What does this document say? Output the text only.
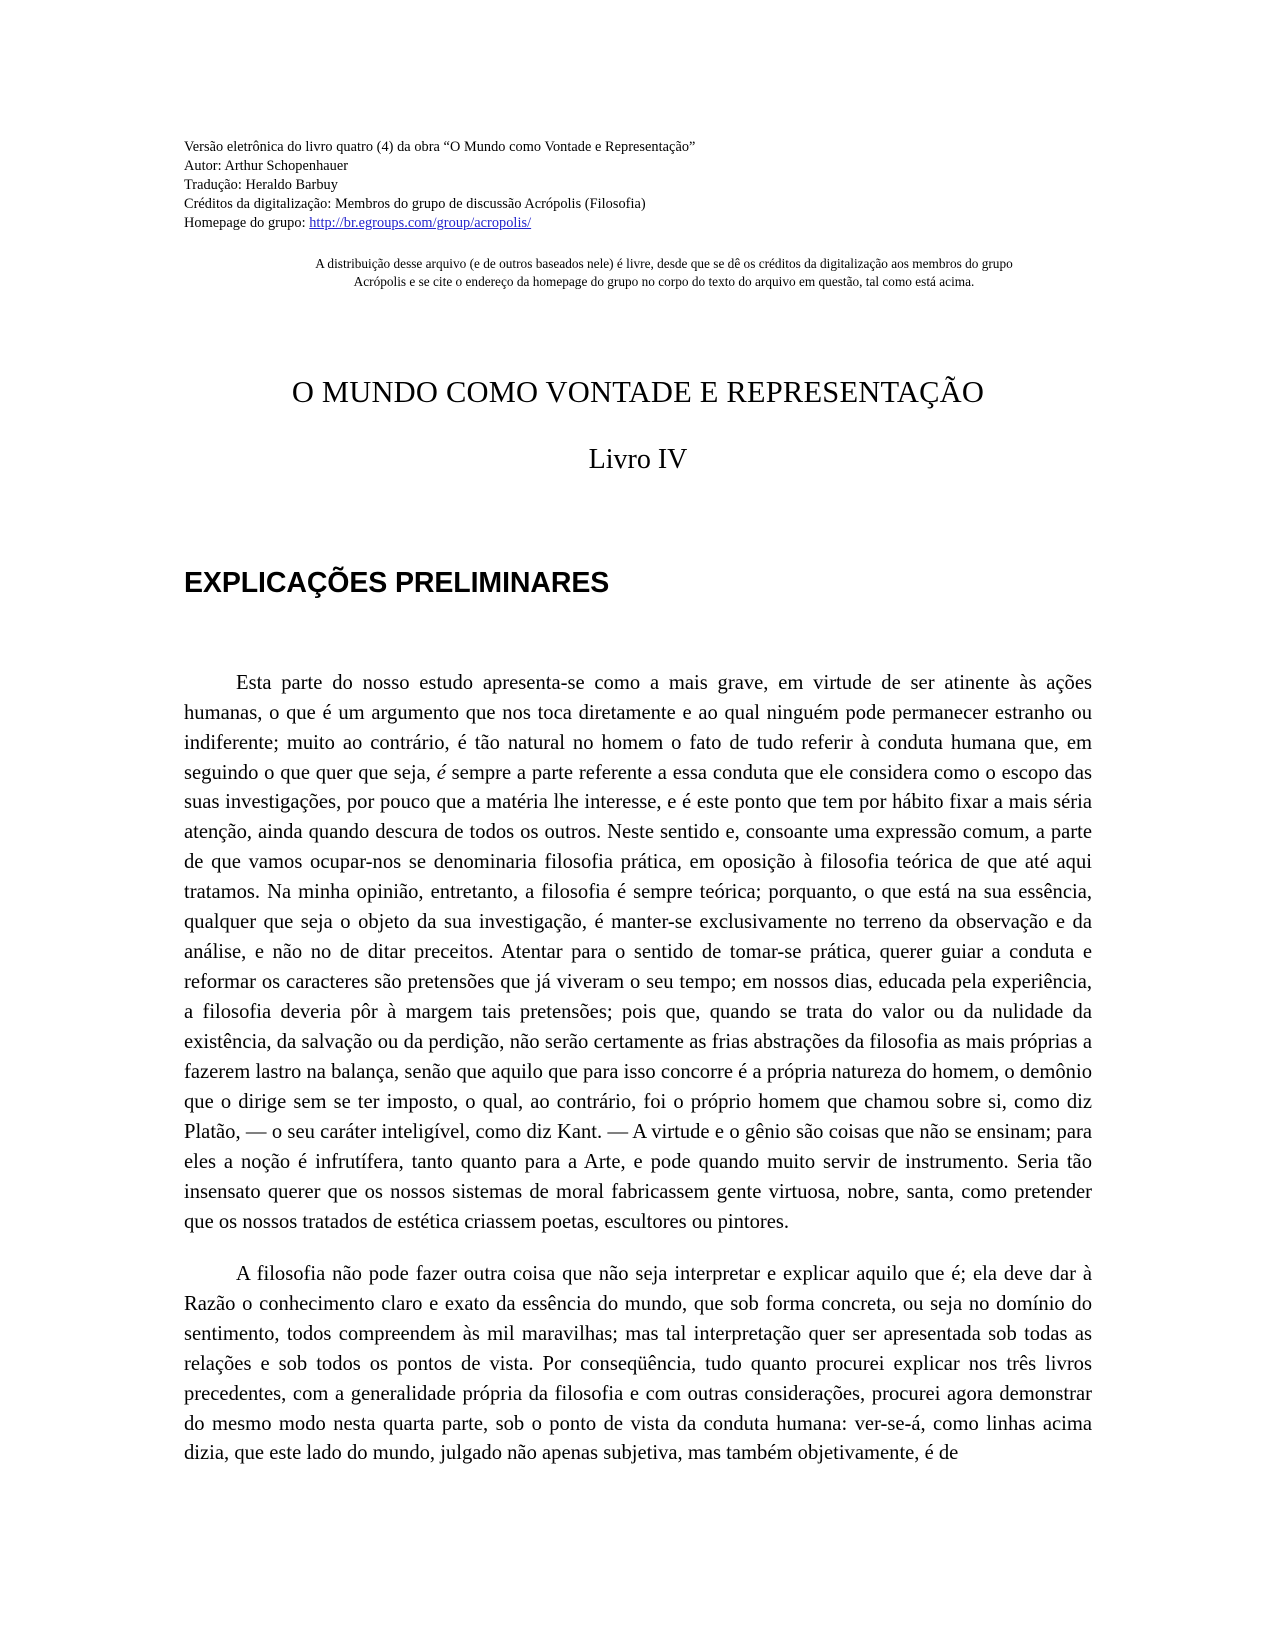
Versão eletrônica do livro quatro (4) da obra “O Mundo como Vontade e Representação”
Autor: Arthur Schopenhauer
Tradução: Heraldo Barbuy
Créditos da digitalização: Membros do grupo de discussão Acrópolis (Filosofia)
Homepage do grupo: http://br.egroups.com/group/acropolis/
A distribuição desse arquivo (e de outros baseados nele) é livre, desde que se dê os créditos da digitalização aos membros do grupo
Acrópolis e se cite o endereço da homepage do grupo no corpo do texto do arquivo em questão, tal como está acima.
O MUNDO COMO VONTADE E REPRESENTAÇÃO
Livro IV
EXPLICAÇÕES PRELIMINARES

Esta parte do nosso estudo apresenta-se como a mais grave, em virtude de ser atinente às ações humanas, o que é um argumento que nos toca diretamente e ao qual ninguém pode permanecer estranho ou indiferente; muito ao contrário, é tão natural no homem o fato de tudo referir à conduta humana que, em seguindo o que quer que seja, é sempre a parte referente a essa conduta que ele considera como o escopo das suas investigações, por pouco que a matéria lhe interesse, e é este ponto que tem por hábito fixar a mais séria atenção, ainda quando descura de todos os outros. Neste sentido e, consoante uma expressão comum, a parte de que vamos ocupar-nos se denominaria filosofia prática, em oposição à filosofia teórica de que até aqui tratamos. Na minha opinião, entretanto, a filosofia é sempre teórica; porquanto, o que está na sua essência, qualquer que seja o objeto da sua investigação, é manter-se exclusivamente no terreno da observação e da análise, e não no de ditar preceitos. Atentar para o sentido de tomar-se prática, querer guiar a conduta e reformar os caracteres são pretensões que já viveram o seu tempo; em nossos dias, educada pela experiência, a filosofia deveria pôr à margem tais pretensões; pois que, quando se trata do valor ou da nulidade da existência, da salvação ou da perdição, não serão certamente as frias abstrações da filosofia as mais próprias a fazerem lastro na balança, senão que aquilo que para isso concorre é a própria natureza do homem, o demônio que o dirige sem se ter imposto, o qual, ao contrário, foi o próprio homem que chamou sobre si, como diz Platão, — o seu caráter inteligível, como diz Kant. — A virtude e o gênio são coisas que não se ensinam; para eles a noção é infrutífera, tanto quanto para a Arte, e pode quando muito servir de instrumento. Seria tão insensato querer que os nossos sistemas de moral fabricassem gente virtuosa, nobre, santa, como pretender que os nossos tratados de estética criassem poetas, escultores ou pintores.

A filosofia não pode fazer outra coisa que não seja interpretar e explicar aquilo que é; ela deve dar à Razão o conhecimento claro e exato da essência do mundo, que sob forma concreta, ou seja no domínio do sentimento, todos compreendem às mil maravilhas; mas tal interpretação quer ser apresentada sob todas as relações e sob todos os pontos de vista. Por conseqüência, tudo quanto procurei explicar nos três livros precedentes, com a generalidade própria da filosofia e com outras considerações, procurei agora demonstrar do mesmo modo nesta quarta parte, sob o ponto de vista da conduta humana: ver-se-á, como linhas acima dizia, que este lado do mundo, julgado não apenas subjetiva, mas também objetivamente, é de
